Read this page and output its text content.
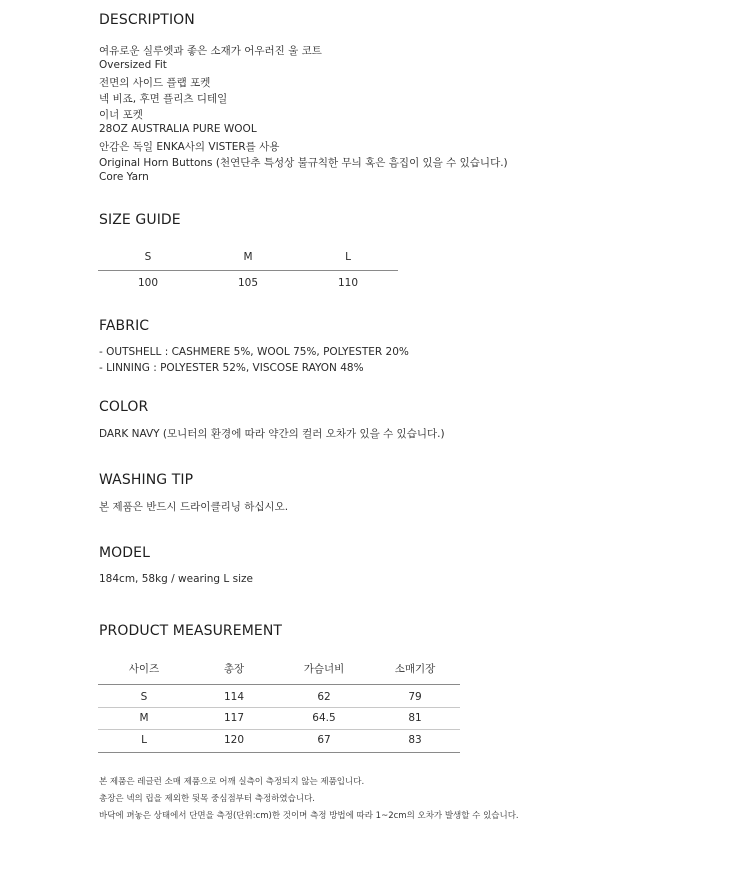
DESCRIPTION
여유로운 실루엣과 좋은 소재가 어우러진 울 코트
Oversized Fit
전면의 사이드 플랩 포켓
넥 비죠, 후면 플리츠 디테일
이너 포켓
28OZ AUSTRALIA PURE WOOL
안감은 독일 ENKA사의 VISTER를 사용
Original Horn Buttons (천연단추 특성상 불규칙한 무늬 혹은 흠집이 있을 수 있습니다.)
Core Yarn
SIZE GUIDE
S	M	L
100	105	110
FABRIC
- OUTSHELL : CASHMERE 5%, WOOL 75%, POLYESTER 20%
- LINNING : POLYESTER 52%, VISCOSE RAYON 48%
COLOR
DARK NAVY (모니터의 환경에 따라 약간의 컬러 오차가 있을 수 있습니다.)
WASHING TIP
본 제품은 반드시 드라이클리닝 하십시오.
MODEL
184cm, 58kg / wearing L size
PRODUCT MEASUREMENT
사이즈	총장	가슴너비	소매기장
S	114	62	79
M	117	64.5	81
L	120	67	83
본 제품은 레글런 소매 제품으로 어깨 실측이 측정되지 않는 제품입니다.
총장은 넥의 립을 제외한 뒷목 중심점부터 측정하였습니다.
바닥에 펴놓은 상태에서 단면을 측정(단위:cm)한 것이며 측정 방법에 따라 1~2cm의 오차가 발생할 수 있습니다.
